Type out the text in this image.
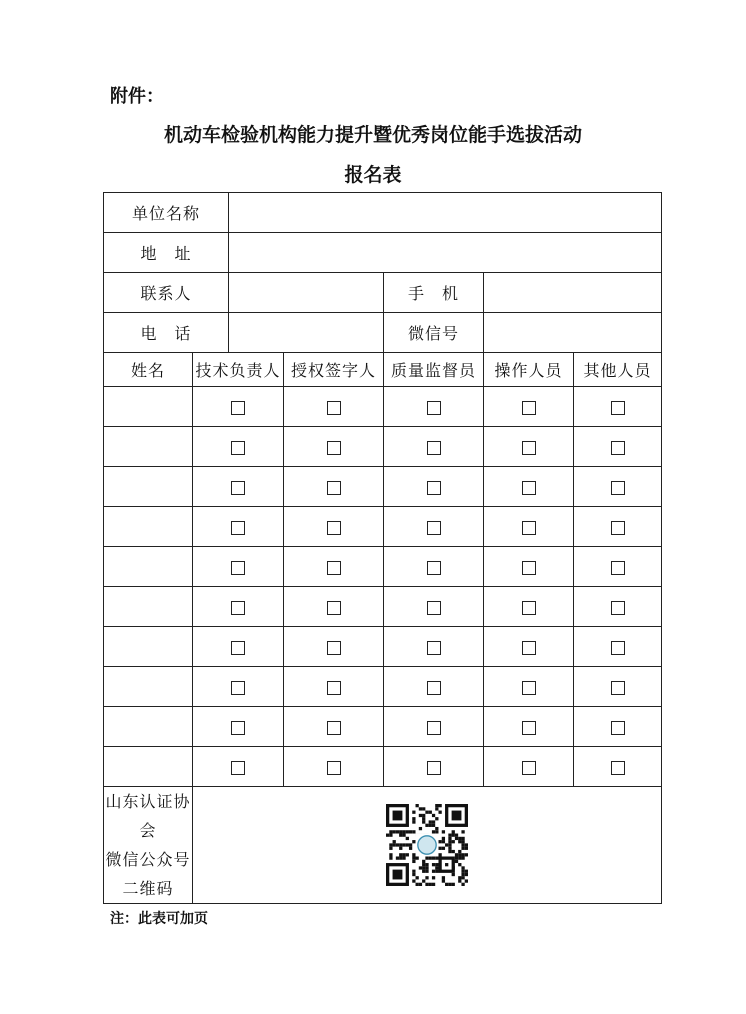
附件：
机动车检验机构能力提升暨优秀岗位能手选拔活动
报名表
单位名称						
地　址						
联系人				手　机		
电　话				微信号		
姓名	技术负责人		授权签字人	质量监督员	操作人员	其他人员

山东认证协会
微信公众号
二维码

注：此表可加页
